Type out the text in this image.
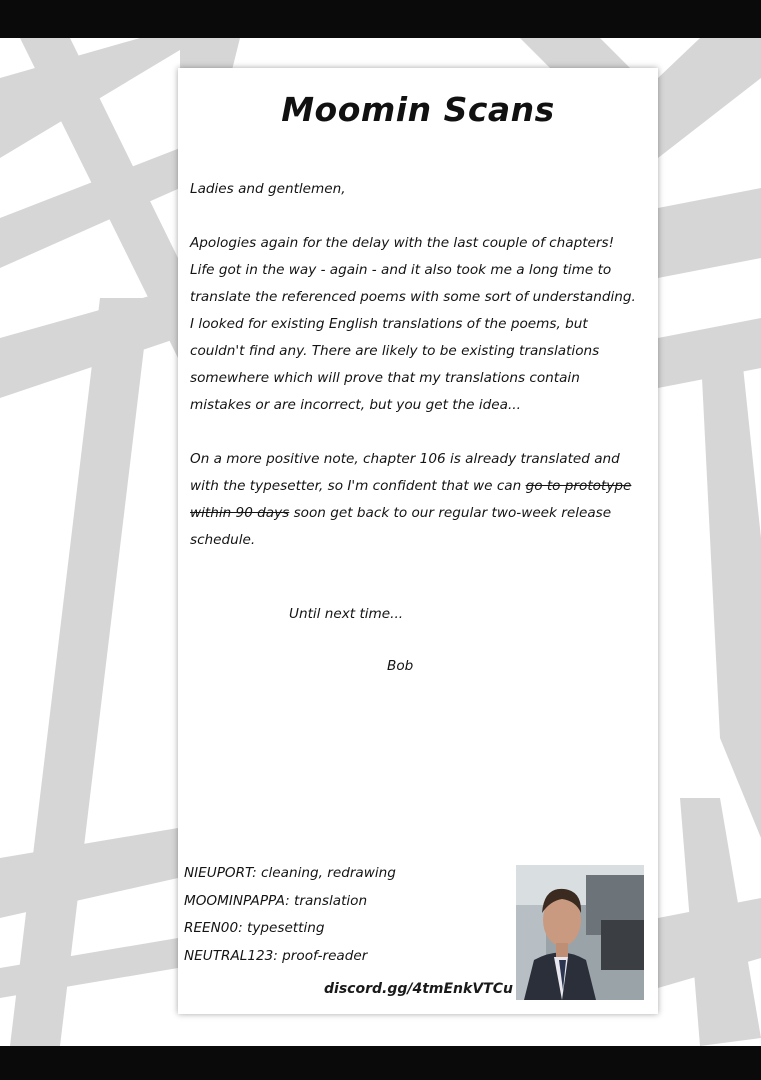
Moomin Scans

Ladies and gentlemen,

Apologies again for the delay with the last couple of chapters! Life got in the way - again - and it also took me a long time to translate the referenced poems with some sort of understanding. I looked for existing English translations of the poems, but couldn't find any. There are likely to be existing translations somewhere which will prove that my translations contain mistakes or are incorrect, but you get the idea...

On a more positive note, chapter 106 is already translated and with the typesetter, so I'm confident that we can go to prototype within 90 days soon get back to our regular two-week release schedule.

Until next time...
Bob
NIEUPORT: cleaning, redrawing
MOOMINPAPPA: translation
REEN00: typesetting
NEUTRAL123: proof-reader
discord.gg/4tmEnkVTCu
